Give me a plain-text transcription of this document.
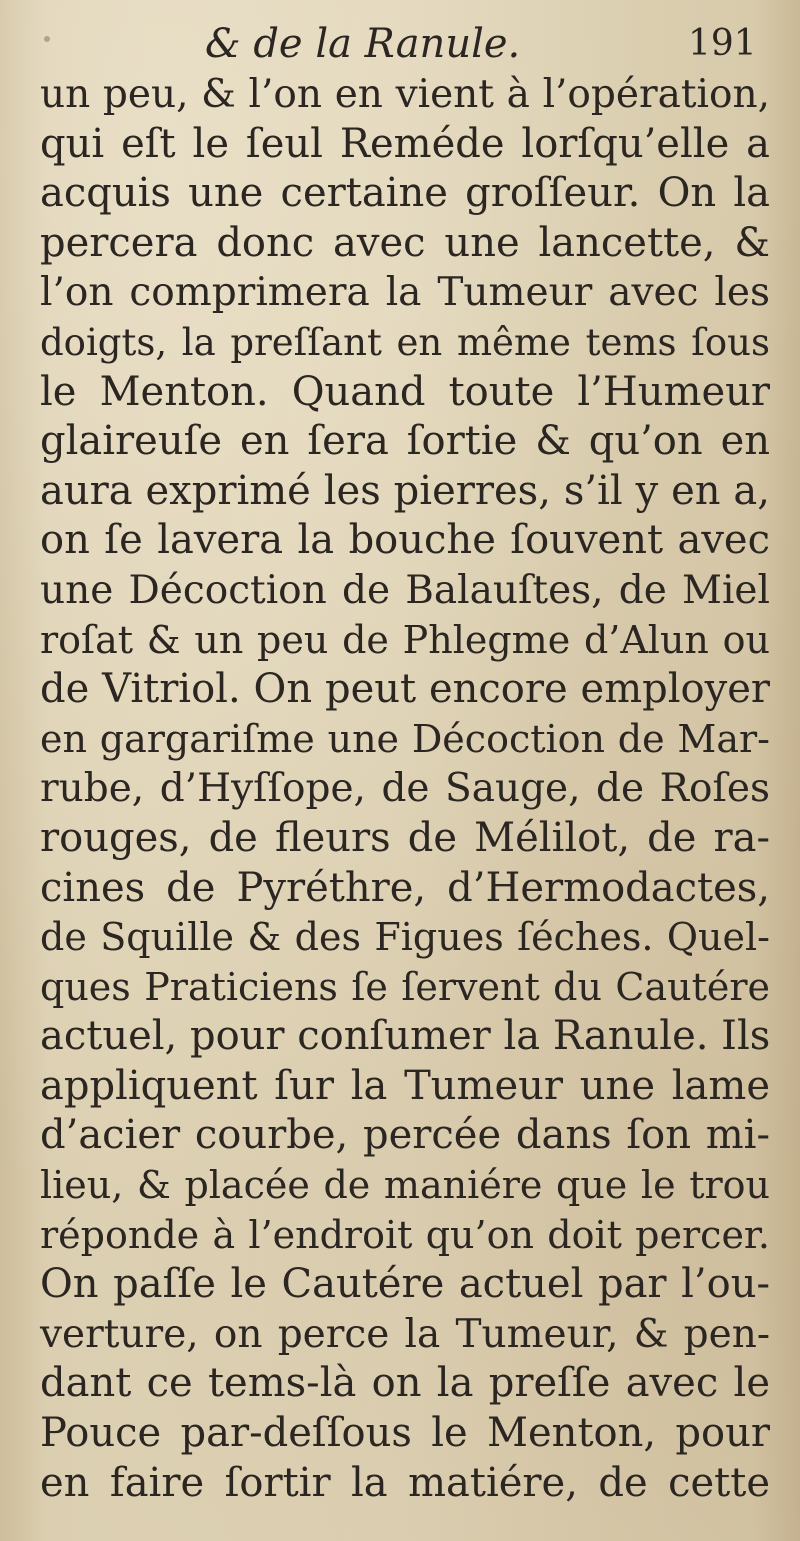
& de la Ranule.	191
un peu, & l’on en vient à l’opération,
qui eſt le ſeul Reméde lorſqu’elle a
acquis une certaine groſſeur. On la
percera donc avec une lancette, &
l’on comprimera la Tumeur avec les
doigts, la preſſant en même tems ſous
le Menton. Quand toute l’Humeur
glaireuſe en ſera ſortie & qu’on en
aura exprimé les pierres, s’il y en a,
on ſe lavera la bouche ſouvent avec
une Décoction de Balauſtes, de Miel
roſat & un peu de Phlegme d’Alun ou
de Vitriol. On peut encore employer
en gargariſme une Décoction de Mar-
rube, d’Hyſſope, de Sauge, de Roſes
rouges, de fleurs de Mélilot, de ra-
cines de Pyréthre, d’Hermodactes,
de Squille & des Figues ſéches. Quel-
ques Praticiens ſe ſervent du Cautére
actuel, pour conſumer la Ranule. Ils
appliquent ſur la Tumeur une lame
d’acier courbe, percée dans ſon mi-
lieu, & placée de maniére que le trou
réponde à l’endroit qu’on doit percer.
On paſſe le Cautére actuel par l’ou-
verture, on perce la Tumeur, & pen-
dant ce tems-là on la preſſe avec le
Pouce par-deſſous le Menton, pour
en faire ſortir la matiére, de cette
